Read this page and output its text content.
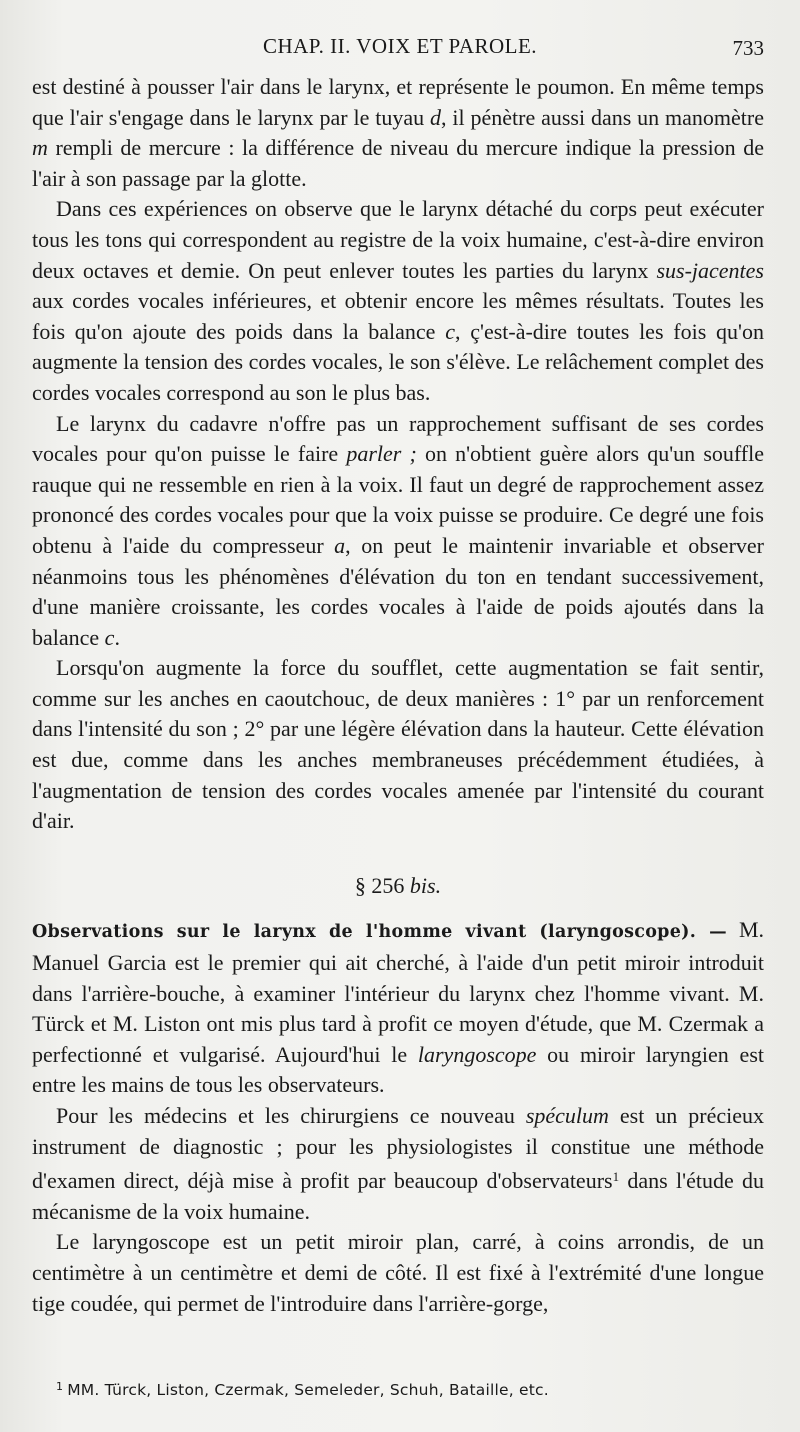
CHAP. II. VOIX ET PAROLE.	733

est destiné à pousser l'air dans le larynx, et représente le poumon. En même temps que l'air s'engage dans le larynx par le tuyau d, il pénètre aussi dans un manomètre m rempli de mercure : la différence de niveau du mercure indique la pression de l'air à son passage par la glotte.

Dans ces expériences on observe que le larynx détaché du corps peut exécuter tous les tons qui correspondent au registre de la voix humaine, c'est-à-dire environ deux octaves et demie. On peut enlever toutes les parties du larynx sus-jacentes aux cordes vocales inférieures, et obtenir encore les mêmes résultats. Toutes les fois qu'on ajoute des poids dans la balance c, ç'est-à-dire toutes les fois qu'on augmente la tension des cordes vocales, le son s'élève. Le relâchement complet des cordes vocales correspond au son le plus bas.

Le larynx du cadavre n'offre pas un rapprochement suffisant de ses cordes vocales pour qu'on puisse le faire parler ; on n'obtient guère alors qu'un souffle rauque qui ne ressemble en rien à la voix. Il faut un degré de rapprochement assez prononcé des cordes vocales pour que la voix puisse se produire. Ce degré une fois obtenu à l'aide du compresseur a, on peut le maintenir invariable et observer néanmoins tous les phénomènes d'élévation du ton en tendant successivement, d'une manière croissante, les cordes vocales à l'aide de poids ajoutés dans la balance c.

Lorsqu'on augmente la force du soufflet, cette augmentation se fait sentir, comme sur les anches en caoutchouc, de deux manières : 1° par un renforcement dans l'intensité du son ; 2° par une légère élévation dans la hauteur. Cette élévation est due, comme dans les anches membraneuses précédemment étudiées, à l'augmentation de tension des cordes vocales amenée par l'intensité du courant d'air.

§ 256 bis.

Observations sur le larynx de l'homme vivant (laryngoscope). — M. Manuel Garcia est le premier qui ait cherché, à l'aide d'un petit miroir introduit dans l'arrière-bouche, à examiner l'intérieur du larynx chez l'homme vivant. M. Türck et M. Liston ont mis plus tard à profit ce moyen d'étude, que M. Czermak a perfectionné et vulgarisé. Aujourd'hui le laryngoscope ou miroir laryngien est entre les mains de tous les observateurs.

Pour les médecins et les chirurgiens ce nouveau spéculum est un précieux instrument de diagnostic ; pour les physiologistes il constitue une méthode d'examen direct, déjà mise à profit par beaucoup d'observateurs$^1$ dans l'étude du mécanisme de la voix humaine.

Le laryngoscope est un petit miroir plan, carré, à coins arrondis, de un centimètre à un centimètre et demi de côté. Il est fixé à l'extrémité d'une longue tige coudée, qui permet de l'introduire dans l'arrière-gorge,

$^1$ MM. Türck, Liston, Czermak, Semeleder, Schuh, Bataille, etc.
